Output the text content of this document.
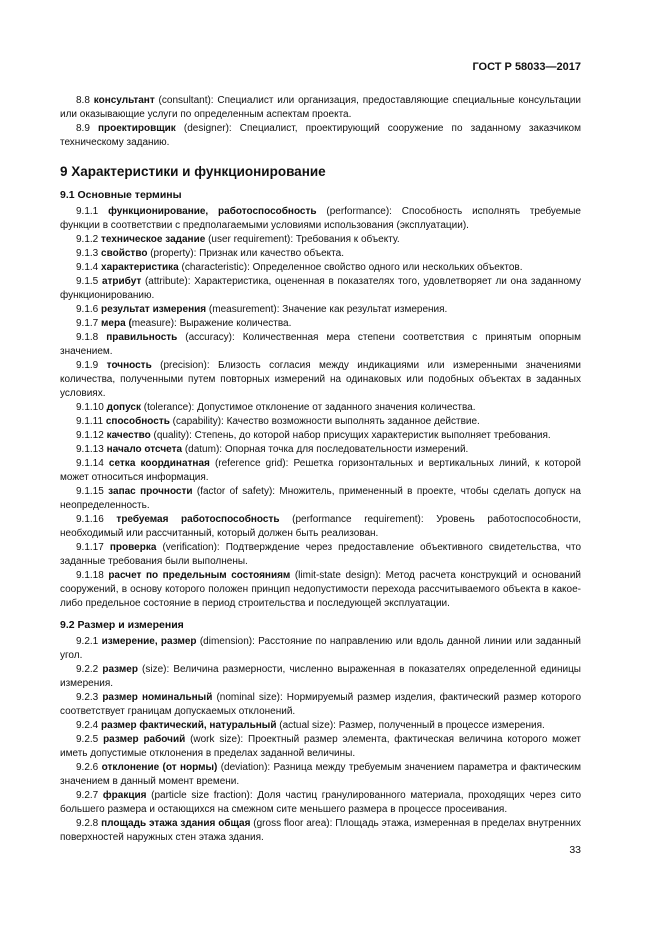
ГОСТ Р 58033—2017

8.8 консультант (consultant): Специалист или организация, предоставляющие специальные консультации или оказывающие услуги по определенным аспектам проекта.

8.9 проектировщик (designer): Специалист, проектирующий сооружение по заданному заказчиком техническому заданию.

9 Характеристики и функционирование
9.1 Основные термины

9.1.1 функционирование, работоспособность (performance): Способность исполнять требуемые функции в соответствии с предполагаемыми условиями использования (эксплуатации).

9.1.2 техническое задание (user requirement): Требования к объекту.

9.1.3 свойство (property): Признак или качество объекта.

9.1.4 характеристика (characteristic): Определенное свойство одного или нескольких объектов.

9.1.5 атрибут (attribute): Характеристика, оцененная в показателях того, удовлетворяет ли она заданному функционированию.

9.1.6 результат измерения (measurement): Значение как результат измерения.

9.1.7 мера (measure): Выражение количества.

9.1.8 правильность (accuracy): Количественная мера степени соответствия с принятым опорным значением.

9.1.9 точность (precision): Близость согласия между индикациями или измеренными значениями количества, полученными путем повторных измерений на одинаковых или подобных объектах в заданных условиях.

9.1.10 допуск (tolerance): Допустимое отклонение от заданного значения количества.

9.1.11 способность (capability): Качество возможности выполнять заданное действие.

9.1.12 качество (quality): Степень, до которой набор присущих характеристик выполняет требования.

9.1.13 начало отсчета (datum): Опорная точка для последовательности измерений.

9.1.14 сетка координатная (reference grid): Решетка горизонтальных и вертикальных линий, к которой может относиться информация.

9.1.15 запас прочности (factor of safety): Множитель, примененный в проекте, чтобы сделать допуск на неопределенность.

9.1.16 требуемая работоспособность (performance requirement): Уровень работоспособности, необходимый или рассчитанный, который должен быть реализован.

9.1.17 проверка (verification): Подтверждение через предоставление объективного свидетельства, что заданные требования были выполнены.

9.1.18 расчет по предельным состояниям (limit-state design): Метод расчета конструкций и оснований сооружений, в основу которого положен принцип недопустимости перехода рассчитываемого объекта в какое-либо предельное состояние в период строительства и последующей эксплуатации.

9.2 Размер и измерения

9.2.1 измерение, размер (dimension): Расстояние по направлению или вдоль данной линии или заданный угол.

9.2.2 размер (size): Величина размерности, численно выраженная в показателях определенной единицы измерения.

9.2.3 размер номинальный (nominal size): Нормируемый размер изделия, фактический размер которого соответствует границам допускаемых отклонений.

9.2.4 размер фактический, натуральный (actual size): Размер, полученный в процессе измерения.

9.2.5 размер рабочий (work size): Проектный размер элемента, фактическая величина которого может иметь допустимые отклонения в пределах заданной величины.

9.2.6 отклонение (от нормы) (deviation): Разница между требуемым значением параметра и фактическим значением в данный момент времени.

9.2.7 фракция (particle size fraction): Доля частиц гранулированного материала, проходящих через сито большего размера и остающихся на смежном сите меньшего размера в процессе просеивания.

9.2.8 площадь этажа здания общая (gross floor area): Площадь этажа, измеренная в пределах внутренних поверхностей наружных стен этажа здания.

33
